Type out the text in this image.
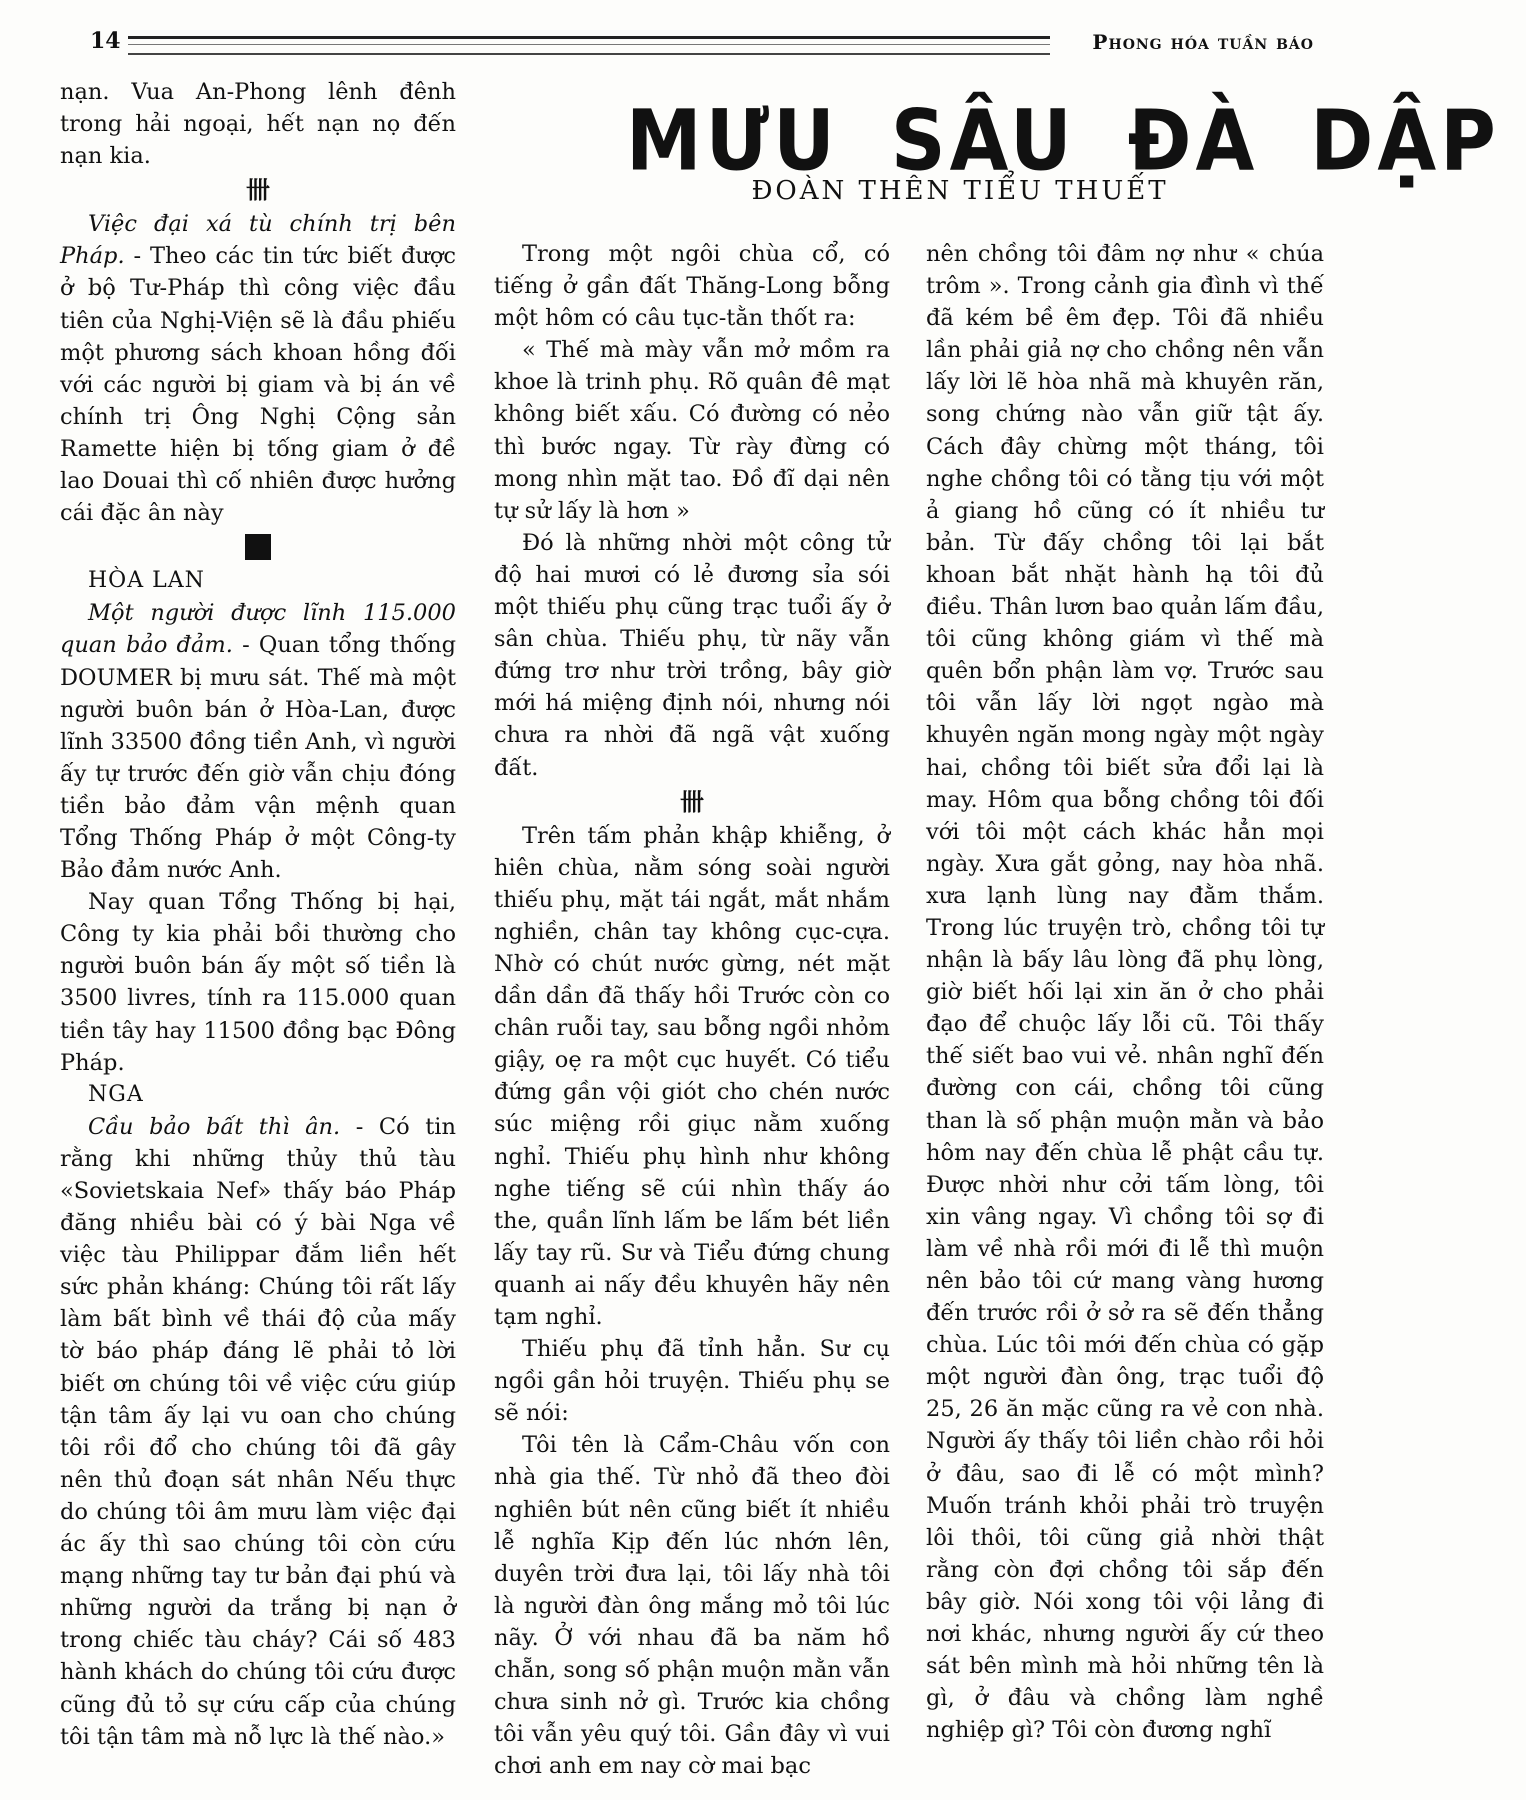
14	Phong hóa tuần báo
MƯU SÂU ĐÀ DẬP
ĐOÀN THÊN TIỂU THUẾT

nạn. Vua An-Phong lênh đênh trong hải ngoại, hết nạn nọ đến nạn kia.

卌

Việc đại xá tù chính trị bên Pháp. - Theo các tin tức biết được ở bộ Tư-Pháp thì công việc đầu tiên của Nghị-Viện sẽ là đầu phiếu một phương sách khoan hồng đối với các người bị giam và bị án về chính trị Ông Nghị Cộng sản Ramette hiện bị tống giam ở đề lao Douai thì cố nhiên được hưởng cái đặc ân này

HÒA LAN

Một người được lĩnh 115.000 quan bảo đảm. - Quan tổng thống DOUMER bị mưu sát. Thế mà một người buôn bán ở Hòa-Lan, được lĩnh 33500 đồng tiền Anh, vì người ấy tự trước đến giờ vẫn chịu đóng tiền bảo đảm vận mệnh quan Tổng Thống Pháp ở một Công-ty Bảo đảm nước Anh.

Nay quan Tổng Thống bị hại, Công ty kia phải bồi thường cho người buôn bán ấy một số tiền là 3500 livres, tính ra 115.000 quan tiền tây hay 11500 đồng bạc Đông Pháp.

NGA

Cầu bảo bất thì ân. - Có tin rằng khi những thủy thủ tàu «Sovietskaia Nef» thấy báo Pháp đăng nhiều bài có ý bài Nga về việc tàu Philippar đắm liền hết sức phản kháng: Chúng tôi rất lấy làm bất bình về thái độ của mấy tờ báo pháp đáng lẽ phải tỏ lời biết ơn chúng tôi về việc cứu giúp tận tâm ấy lại vu oan cho chúng tôi rồi đổ cho chúng tôi đã gây nên thủ đoạn sát nhân Nếu thực do chúng tôi âm mưu làm việc đại ác ấy thì sao chúng tôi còn cứu mạng những tay tư bản đại phú và những người da trắng bị nạn ở trong chiếc tàu cháy? Cái số 483 hành khách do chúng tôi cứu được cũng đủ tỏ sự cứu cấp của chúng tôi tận tâm mà nỗ lực là thế nào.»

Trong một ngôi chùa cổ, có tiếng ở gần đất Thăng-Long bỗng một hôm có câu tục-tằn thốt ra:

« Thế mà mày vẫn mở mồm ra khoe là trinh phụ. Rõ quân đê mạt không biết xấu. Có đường có nẻo thì bước ngay. Từ rày đừng có mong nhìn mặt tao. Đồ đĩ dại nên tự sử lấy là hơn »

Đó là những nhời một công tử độ hai mươi có lẻ đương sỉa sói một thiếu phụ cũng trạc tuổi ấy ở sân chùa. Thiếu phụ, từ nãy vẫn đứng trơ như trời trồng, bây giờ mới há miệng định nói, nhưng nói chưa ra nhời đã ngã vật xuống đất.

卌

Trên tấm phản khập khiễng, ở hiên chùa, nằm sóng soài người thiếu phụ, mặt tái ngắt, mắt nhắm nghiền, chân tay không cục-cựa. Nhờ có chút nước gừng, nét mặt dần dần đã thấy hồi Trước còn co chân ruỗi tay, sau bỗng ngồi nhỏm giậy, oẹ ra một cục huyết. Có tiểu đứng gần vội giót cho chén nước súc miệng rồi giục nằm xuống nghỉ. Thiếu phụ hình như không nghe tiếng sẽ cúi nhìn thấy áo the, quần lĩnh lấm be lấm bét liền lấy tay rũ. Sư và Tiểu đứng chung quanh ai nấy đều khuyên hãy nên tạm nghỉ.

Thiếu phụ đã tỉnh hẳn. Sư cụ ngồi gần hỏi truyện. Thiếu phụ se sẽ nói:

Tôi tên là Cẩm-Châu vốn con nhà gia thế. Từ nhỏ đã theo đòi nghiên bút nên cũng biết ít nhiều lễ nghĩa Kịp đến lúc nhớn lên, duyên trời đưa lại, tôi lấy nhà tôi là người đàn ông mắng mỏ tôi lúc nãy. Ở với nhau đã ba năm hồ chẵn, song số phận muộn mằn vẫn chưa sinh nở gì. Trước kia chồng tôi vẫn yêu quý tôi. Gần đây vì vui chơi anh em nay cờ mai bạc

nên chồng tôi đâm nợ như « chúa trôm ». Trong cảnh gia đình vì thế đã kém bề êm đẹp. Tôi đã nhiều lần phải giả nợ cho chồng nên vẫn lấy lời lẽ hòa nhã mà khuyên răn, song chứng nào vẫn giữ tật ấy. Cách đây chừng một tháng, tôi nghe chồng tôi có tằng tịu với một ả giang hồ cũng có ít nhiều tư bản. Từ đấy chồng tôi lại bắt khoan bắt nhặt hành hạ tôi đủ điều. Thân lươn bao quản lấm đầu, tôi cũng không giám vì thế mà quên bổn phận làm vợ. Trước sau tôi vẫn lấy lời ngọt ngào mà khuyên ngăn mong ngày một ngày hai, chồng tôi biết sửa đổi lại là may. Hôm qua bỗng chồng tôi đối với tôi một cách khác hẳn mọi ngày. Xưa gắt gỏng, nay hòa nhã. xưa lạnh lùng nay đằm thắm. Trong lúc truyện trò, chồng tôi tự nhận là bấy lâu lòng đã phụ lòng, giờ biết hối lại xin ăn ở cho phải đạo để chuộc lấy lỗi cũ. Tôi thấy thế siết bao vui vẻ. nhân nghĩ đến đường con cái, chồng tôi cũng than là số phận muộn mằn và bảo hôm nay đến chùa lễ phật cầu tự. Được nhời như cởi tấm lòng, tôi xin vâng ngay. Vì chồng tôi sợ đi làm về nhà rồi mới đi lễ thì muộn nên bảo tôi cứ mang vàng hương đến trước rồi ở sở ra sẽ đến thẳng chùa. Lúc tôi mới đến chùa có gặp một người đàn ông, trạc tuổi độ 25, 26 ăn mặc cũng ra vẻ con nhà. Người ấy thấy tôi liền chào rồi hỏi ở đâu, sao đi lễ có một mình? Muốn tránh khỏi phải trò truyện lôi thôi, tôi cũng giả nhời thật rằng còn đợi chồng tôi sắp đến bây giờ. Nói xong tôi vội lảng đi nơi khác, nhưng người ấy cứ theo sát bên mình mà hỏi những tên là gì, ở đâu và chồng làm nghề nghiệp gì? Tôi còn đương nghĩ
